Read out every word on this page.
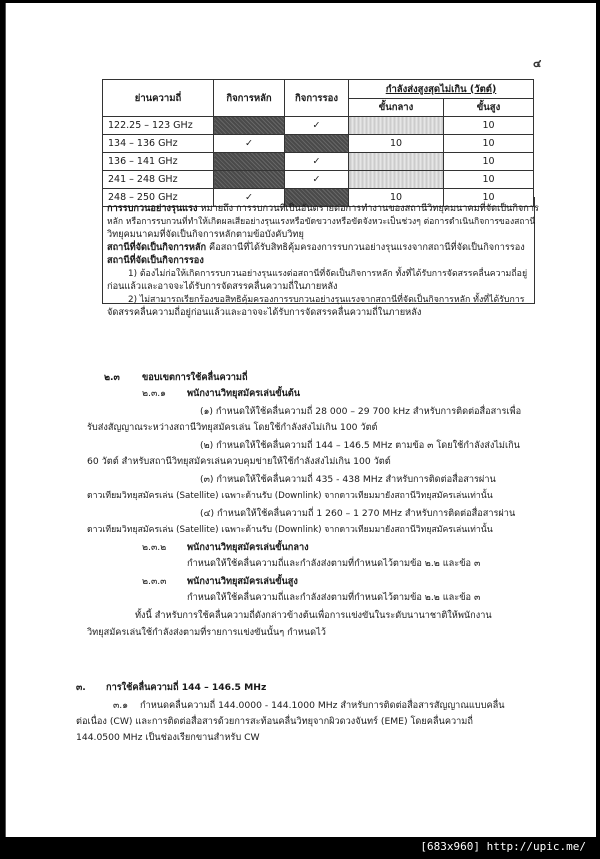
๔
ย่านความถี่	กิจการหลัก	กิจการรอง	กำลังส่งสูงสุดไม่เกิน (วัตต์)	
			ขั้นกลาง	ขั้นสูง
122.25 – 123 GHz		✓		10
134 – 136 GHz	✓		10	10
136 – 141 GHz		✓		10
241 – 248 GHz		✓		10
248 – 250 GHz	✓		10	10
การรบกวนอย่างรุนแรง หมายถึง การรบกวนที่เป็นอันตรายต่อการทำงานของสถานีวิทยุคมนาคมที่จัดเป็นกิจการ
หลัก หรือการรบกวนที่ทำให้เกิดผลเสียอย่างรุนแรงหรือขัดขวางหรือขัดจังหวะเป็นช่วงๆ ต่อการดำเนินกิจการของสถานี
วิทยุคมนาคมที่จัดเป็นกิจการหลักตามข้อบังคับวิทยุ
สถานีที่จัดเป็นกิจการหลัก คือสถานีที่ได้รับสิทธิคุ้มครองการรบกวนอย่างรุนแรงจากสถานีที่จัดเป็นกิจการรอง
สถานีที่จัดเป็นกิจการรอง
1) ต้องไม่ก่อให้เกิดการรบกวนอย่างรุนแรงต่อสถานีที่จัดเป็นกิจการหลัก ทั้งที่ได้รับการจัดสรรคลื่นความถี่อยู่
ก่อนแล้วและอาจจะได้รับการจัดสรรคลื่นความถี่ในภายหลัง
2) ไม่สามารถเรียกร้องขอสิทธิคุ้มครองการรบกวนอย่างรุนแรงจากสถานีที่จัดเป็นกิจการหลัก ทั้งที่ได้รับการ
จัดสรรคลื่นความถี่อยู่ก่อนแล้วและอาจจะได้รับการจัดสรรคลื่นความถี่ในภายหลัง
๒.๓ ขอบเขตการใช้คลื่นความถี่
๒.๓.๑ พนักงานวิทยุสมัครเล่นขั้นต้น
(๑) กำหนดให้ใช้คลื่นความถี่ 28 000 – 29 700 kHz สำหรับการติดต่อสื่อสารเพื่อ
รับส่งสัญญาณระหว่างสถานีวิทยุสมัครเล่น โดยใช้กำลังส่งไม่เกิน 100 วัตต์
(๒) กำหนดให้ใช้คลื่นความถี่ 144 – 146.5 MHz ตามข้อ ๓ โดยใช้กำลังส่งไม่เกิน
60 วัตต์ สำหรับสถานีวิทยุสมัครเล่นควบคุมข่ายให้ใช้กำลังส่งไม่เกิน 100 วัตต์
(๓) กำหนดให้ใช้คลื่นความถี่ 435 - 438 MHz สำหรับการติดต่อสื่อสารผ่าน
ดาวเทียมวิทยุสมัครเล่น (Satellite) เฉพาะด้านรับ (Downlink) จากดาวเทียมมายังสถานีวิทยุสมัครเล่นเท่านั้น
(๔) กำหนดให้ใช้คลื่นความถี่ 1 260 – 1 270 MHz สำหรับการติดต่อสื่อสารผ่าน
ดาวเทียมวิทยุสมัครเล่น (Satellite) เฉพาะด้านรับ (Downlink) จากดาวเทียมมายังสถานีวิทยุสมัครเล่นเท่านั้น
๒.๓.๒ พนักงานวิทยุสมัครเล่นขั้นกลาง
กำหนดให้ใช้คลื่นความถี่และกำลังส่งตามที่กำหนดไว้ตามข้อ ๒.๒ และข้อ ๓
๒.๓.๓ พนักงานวิทยุสมัครเล่นขั้นสูง
กำหนดให้ใช้คลื่นความถี่และกำลังส่งตามที่กำหนดไว้ตามข้อ ๒.๒ และข้อ ๓
ทั้งนี้ สำหรับการใช้คลื่นความถี่ดังกล่าวข้างต้นเพื่อการแข่งขันในระดับนานาชาติให้พนักงาน
วิทยุสมัครเล่นใช้กำลังส่งตามที่รายการแข่งขันนั้นๆ กำหนดไว้
๓. การใช้คลื่นความถี่ 144 – 146.5 MHz
๓.๑ กำหนดคลื่นความถี่ 144.0000 - 144.1000 MHz สำหรับการติดต่อสื่อสารสัญญาณแบบคลื่น
ต่อเนื่อง (CW) และการติดต่อสื่อสารด้วยการสะท้อนคลื่นวิทยุจากผิวดวงจันทร์ (EME) โดยคลื่นความถี่
144.0500 MHz เป็นช่องเรียกขานสำหรับ CW
[683x960] http://upic.me/
